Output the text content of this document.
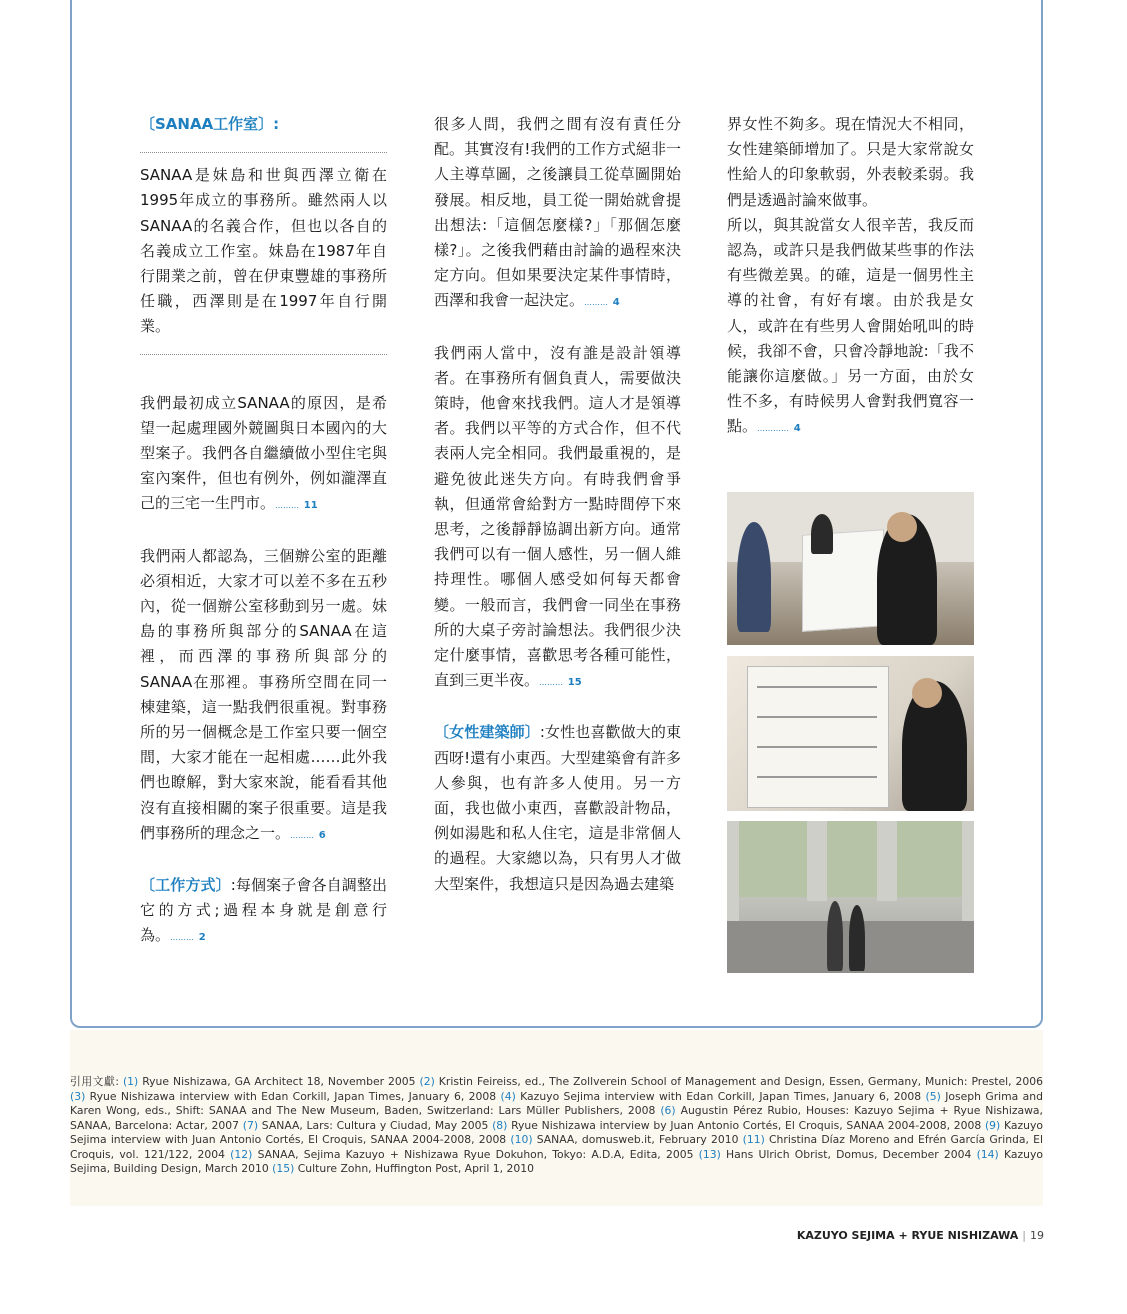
〔SANAA工作室〕:

SANAA是妹島和世與西澤立衛在1995年成立的事務所。雖然兩人以SANAA的名義合作，但也以各自的名義成立工作室。妹島在1987年自行開業之前，曾在伊東豐雄的事務所任職，西澤則是在1997年自行開業。

我們最初成立SANAA的原因，是希望一起處理國外競圖與日本國內的大型案子。我們各自繼續做小型住宅與室內案件，但也有例外，例如瀧澤直己的三宅一生門市。……… 11

我們兩人都認為，三個辦公室的距離必須相近，大家才可以差不多在五秒內，從一個辦公室移動到另一處。妹島的事務所與部分的SANAA在這裡，而西澤的事務所與部分的SANAA在那裡。事務所空間在同一棟建築，這一點我們很重視。對事務所的另一個概念是工作室只要一個空間，大家才能在一起相處……此外我們也瞭解，對大家來說，能看看其他沒有直接相關的案子很重要。這是我們事務所的理念之一。……… 6

〔工作方式〕:每個案子會各自調整出它的方式;過程本身就是創意行為。……… 2

很多人問，我們之間有沒有責任分配。其實沒有!我們的工作方式絕非一人主導草圖，之後讓員工從草圖開始發展。相反地，員工從一開始就會提出想法:「這個怎麼樣?」「那個怎麼樣?」。之後我們藉由討論的過程來決定方向。但如果要決定某件事情時，西澤和我會一起決定。……… 4

我們兩人當中，沒有誰是設計領導者。在事務所有個負責人，需要做決策時，他會來找我們。這人才是領導者。我們以平等的方式合作，但不代表兩人完全相同。我們最重視的，是避免彼此迷失方向。有時我們會爭執，但通常會給對方一點時間停下來思考，之後靜靜協調出新方向。通常我們可以有一個人感性，另一個人維持理性。哪個人感受如何每天都會變。一般而言，我們會一同坐在事務所的大桌子旁討論想法。我們很少決定什麼事情，喜歡思考各種可能性，直到三更半夜。……… 15

〔女性建築師〕:女性也喜歡做大的東西呀!還有小東西。大型建築會有許多人參與，也有許多人使用。另一方面，我也做小東西，喜歡設計物品，例如湯匙和私人住宅，這是非常個人的過程。大家總以為，只有男人才做大型案件，我想這只是因為過去建築

界女性不夠多。現在情況大不相同，女性建築師增加了。只是大家常說女性給人的印象軟弱，外表較柔弱。我們是透過討論來做事。

所以，與其說當女人很辛苦，我反而認為，或許只是我們做某些事的作法有些微差異。的確，這是一個男性主導的社會，有好有壞。由於我是女人，或許在有些男人會開始吼叫的時候，我卻不會，只會冷靜地說:「我不能讓你這麼做。」另一方面，由於女性不多，有時候男人會對我們寬容一點。………… 4

引用文獻: (1) Ryue Nishizawa, GA Architect 18, November 2005 (2) Kristin Feireiss, ed., The Zollverein School of Management and Design, Essen, Germany, Munich: Prestel, 2006 (3) Ryue Nishizawa interview with Edan Corkill, Japan Times, January 6, 2008 (4) Kazuyo Sejima interview with Edan Corkill, Japan Times, January 6, 2008 (5) Joseph Grima and Karen Wong, eds., Shift: SANAA and The New Museum, Baden, Switzerland: Lars Müller Publishers, 2008 (6) Augustin Pérez Rubio, Houses: Kazuyo Sejima + Ryue Nishizawa, SANAA, Barcelona: Actar, 2007 (7) SANAA, Lars: Cultura y Ciudad, May 2005 (8) Ryue Nishizawa interview by Juan Antonio Cortés, El Croquis, SANAA 2004-2008, 2008 (9) Kazuyo Sejima interview with Juan Antonio Cortés, El Croquis, SANAA 2004-2008, 2008 (10) SANAA, domusweb.it, February 2010 (11) Christina Díaz Moreno and Efrén García Grinda, El Croquis, vol. 121/122, 2004 (12) SANAA, Sejima Kazuyo + Nishizawa Ryue Dokuhon, Tokyo: A.D.A, Edita, 2005 (13) Hans Ulrich Obrist, Domus, December 2004 (14) Kazuyo Sejima, Building Design, March 2010 (15) Culture Zohn, Huffington Post, April 1, 2010
KAZUYO SEJIMA + RYUE NISHIZAWA | 19
